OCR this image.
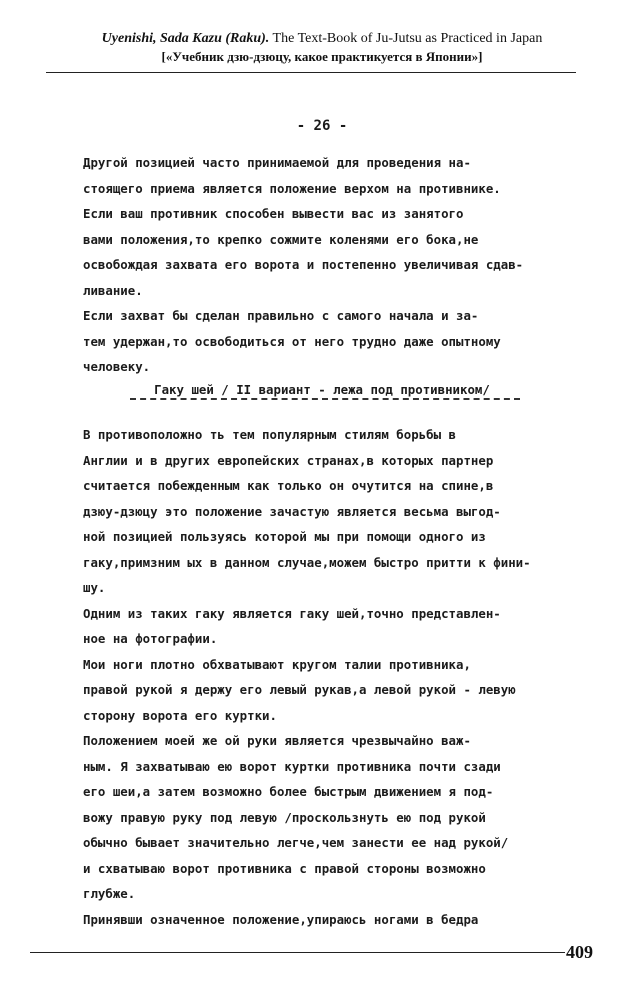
Uyenishi, Sada Kazu (Raku). The Text-Book of Ju-Jutsu as Practiced in Japan
[«Учебник дзю-дзюцу, какое практикуется в Японии»]
- 26 -
Другой позицией часто принимаемой для проведения на-
стоящего приема является положение верхом на противнике.
Если ваш противник способен вывести вас из занятого
вами положения,то крепко сожмите коленями его бока,не
освобождая захвата его ворота и постепенно увеличивая сдав-
ливание.
Если захват бы сделан правильно с самого начала и за-
тем удержан,то освободиться от него трудно даже опытному
человеку.
Гаку шей / II вариант - лежа под противником/
В противоположно ть тем популярным стилям борьбы в
Англии и в других европейских странах,в которых партнер
считается побежденным как только он очутится на спине,в
дзюу-дзюцу это положение зачастую является весьма выгод-
ной позицией пользуясь которой мы при помощи одного из
гаку,примзним ых в данном случае,можем быстро притти к фини-
шу.
Одним из таких гаку является гаку шей,точно представлен-
ное на фотографии.
Мои ноги плотно обхватывают кругом талии противника,
правой рукой я держу его левый рукав,а левой рукой - левую
сторону ворота его куртки.
Положением моей же ой руки является чрезвычайно важ-
ным. Я захватываю ею ворот куртки противника почти сзади
его шеи,а затем возможно более быстрым движением я под-
вожу правую руку под левую /проскользнуть ею под рукой
обычно бывает значительно легче,чем занести ее над рукой/
и схватываю ворот противника с правой стороны возможно
глубже.
Принявши означенное положение,упираюсь ногами в бедра
409
